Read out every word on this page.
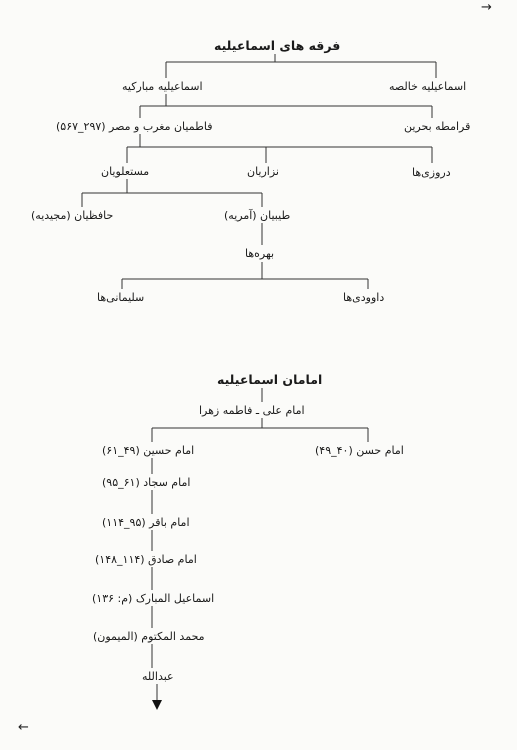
→
←
فرقه های اسماعیلیه
اسماعیلیه خالصه
اسماعیلیه مبارکیه
قرامطه بحرین
فاطمیان مغرب و مصر (۲۹۷_۵۶۷)
دروزی‌ها
نزاریان
مستعلویان
طیبیان (آمریه)
حافظیان (مجیدیه)
بهره‌ها
داوودی‌ها
سلیمانی‌ها
امامان اسماعیلیه
امام علی ـ فاطمه زهرا
امام حسن (۴۰_۴۹)
امام حسین (۴۹_۶۱)
امام سجاد (۶۱_۹۵)
امام باقر (۹۵_۱۱۴)
امام صادق (۱۱۴_۱۴۸)
اسماعیل المبارک (م: ۱۳۶)
محمد المکتوم (المیمون)
عبدالله
